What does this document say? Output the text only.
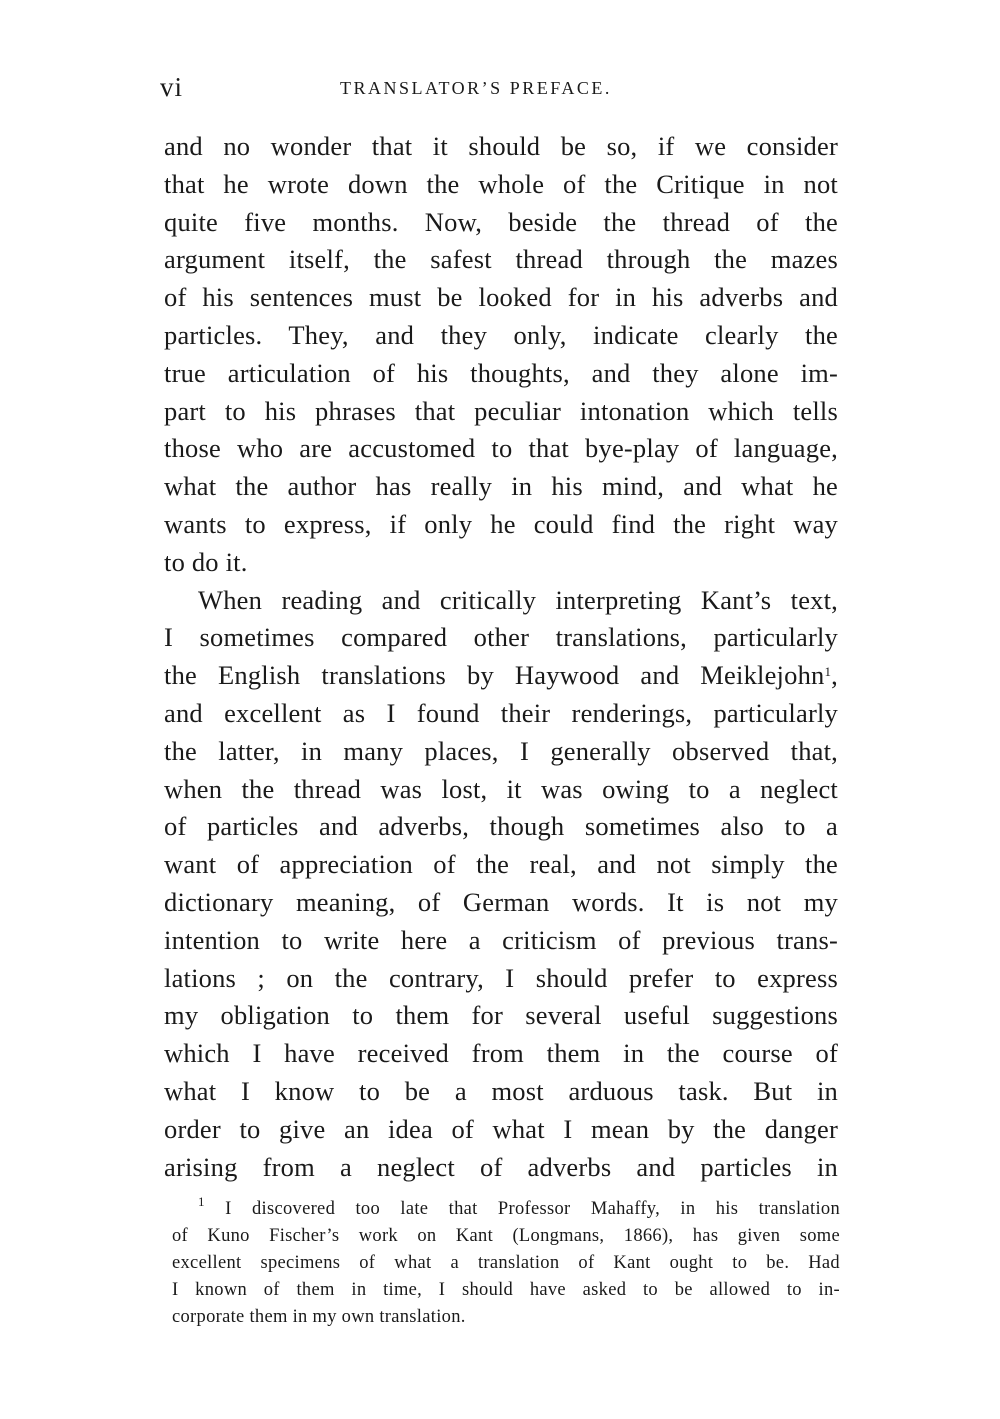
vi	TRANSLATOR’S PREFACE.
and no wonder that it should be so, if we consider
that he wrote down the whole of the Critique in not
quite five months. Now, beside the thread of the
argument itself, the safest thread through the mazes
of his sentences must be looked for in his adverbs and
particles. They, and they only, indicate clearly the
true articulation of his thoughts, and they alone im-
part to his phrases that peculiar intonation which tells
those who are accustomed to that bye-play of language,
what the author has really in his mind, and what he
wants to express, if only he could find the right way
to do it.
When reading and critically interpreting Kant’s text,
I sometimes compared other translations, particularly
the English translations by Haywood and Meiklejohn$^1$,
and excellent as I found their renderings, particularly
the latter, in many places, I generally observed that,
when the thread was lost, it was owing to a neglect
of particles and adverbs, though sometimes also to a
want of appreciation of the real, and not simply the
dictionary meaning, of German words. It is not my
intention to write here a criticism of previous trans-
lations ; on the contrary, I should prefer to express
my obligation to them for several useful suggestions
which I have received from them in the course of
what I know to be a most arduous task. But in
order to give an idea of what I mean by the danger
arising from a neglect of adverbs and particles in
$^1$ I discovered too late that Professor Mahaffy, in his translation
of Kuno Fischer’s work on Kant (Longmans, 1866), has given some
excellent specimens of what a translation of Kant ought to be. Had
I known of them in time, I should have asked to be allowed to in-
corporate them in my own translation.
